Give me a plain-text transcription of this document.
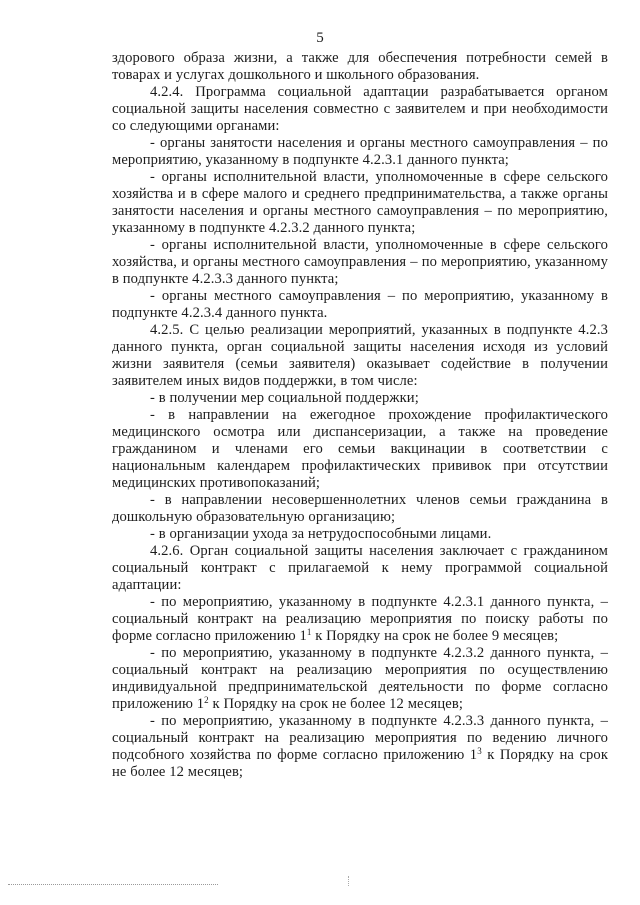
5

здорового образа жизни, а также для обеспечения потребности семей в товарах и услугах дошкольного и школьного образования.

4.2.4. Программа социальной адаптации разрабатывается органом социальной защиты населения совместно с заявителем и при необходимости со следующими органами:

- органы занятости населения и органы местного самоуправления – по мероприятию, указанному в подпункте 4.2.3.1 данного пункта;

- органы исполнительной власти, уполномоченные в сфере сельского хозяйства и в сфере малого и среднего предпринимательства, а также органы занятости населения и органы местного самоуправления – по мероприятию, указанному в подпункте 4.2.3.2 данного пункта;

- органы исполнительной власти, уполномоченные в сфере сельского хозяйства, и органы местного самоуправления – по мероприятию, указанному в подпункте 4.2.3.3 данного пункта;

- органы местного самоуправления – по мероприятию, указанному в подпункте 4.2.3.4 данного пункта.

4.2.5. С целью реализации мероприятий, указанных в подпункте 4.2.3 данного пункта, орган социальной защиты населения исходя из условий жизни заявителя (семьи заявителя) оказывает содействие в получении заявителем иных видов поддержки, в том числе:

- в получении мер социальной поддержки;

- в направлении на ежегодное прохождение профилактического медицинского осмотра или диспансеризации, а также на проведение гражданином и членами его семьи вакцинации в соответствии с национальным календарем профилактических прививок при отсутствии медицинских противопоказаний;

- в направлении несовершеннолетних членов семьи гражданина в дошкольную образовательную организацию;

- в организации ухода за нетрудоспособными лицами.

4.2.6. Орган социальной защиты населения заключает с гражданином социальный контракт с прилагаемой к нему программой социальной адаптации:

- по мероприятию, указанному в подпункте 4.2.3.1 данного пункта, – социальный контракт на реализацию мероприятия по поиску работы по форме согласно приложению $1^1$ к Порядку на срок не более 9 месяцев;

- по мероприятию, указанному в подпункте 4.2.3.2 данного пункта, – социальный контракт на реализацию мероприятия по осуществлению индивидуальной предпринимательской деятельности по форме согласно приложению $1^2$ к Порядку на срок не более 12 месяцев;

- по мероприятию, указанному в подпункте 4.2.3.3 данного пункта, – социальный контракт на реализацию мероприятия по ведению личного подсобного хозяйства по форме согласно приложению $1^3$ к Порядку на срок не более 12 месяцев;
